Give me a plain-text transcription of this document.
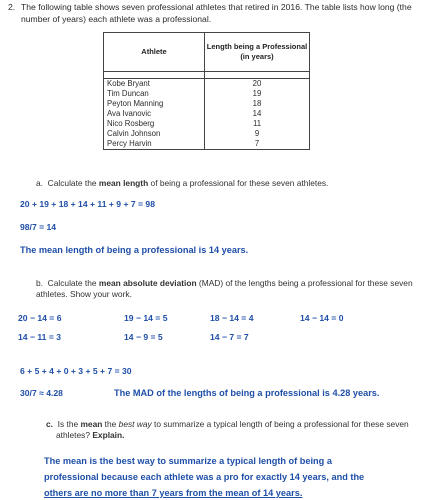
2. The following table shows seven professional athletes that retired in 2016. The table lists how long (the number of years) each athlete was a professional.
Athlete	Length being a Professional (in years)

Kobe Bryant	20
Tim Duncan	19
Peyton Manning	18
Ava Ivanovic	14
Nico Rosberg	11
Calvin Johnson	9
Percy Harvin	7
a. Calculate the mean length of being a professional for these seven athletes.
20 + 19 + 18 + 14 + 11 + 9 + 7 = 98
98/7 = 14
The mean length of being a professional is 14 years.
b. Calculate the mean absolute deviation (MAD) of the lengths being a professional for these seven athletes. Show your work.
20 − 14 = 6	19 − 14 = 5	18 − 14 = 4	14 − 14 = 0
14 − 11 = 3	14 − 9 = 5	14 − 7 = 7
6 + 5 + 4 + 0 + 3 + 5 + 7 = 30
30/7 ≈ 4.28	The MAD of the lengths of being a professional is 4.28 years.
c. Is the mean the best way to summarize a typical length of being a professional for these seven athletes? Explain.
The mean is the best way to summarize a typical length of being a
professional because each athlete was a pro for exactly 14 years, and the
others are no more than 7 years from the mean of 14 years.
